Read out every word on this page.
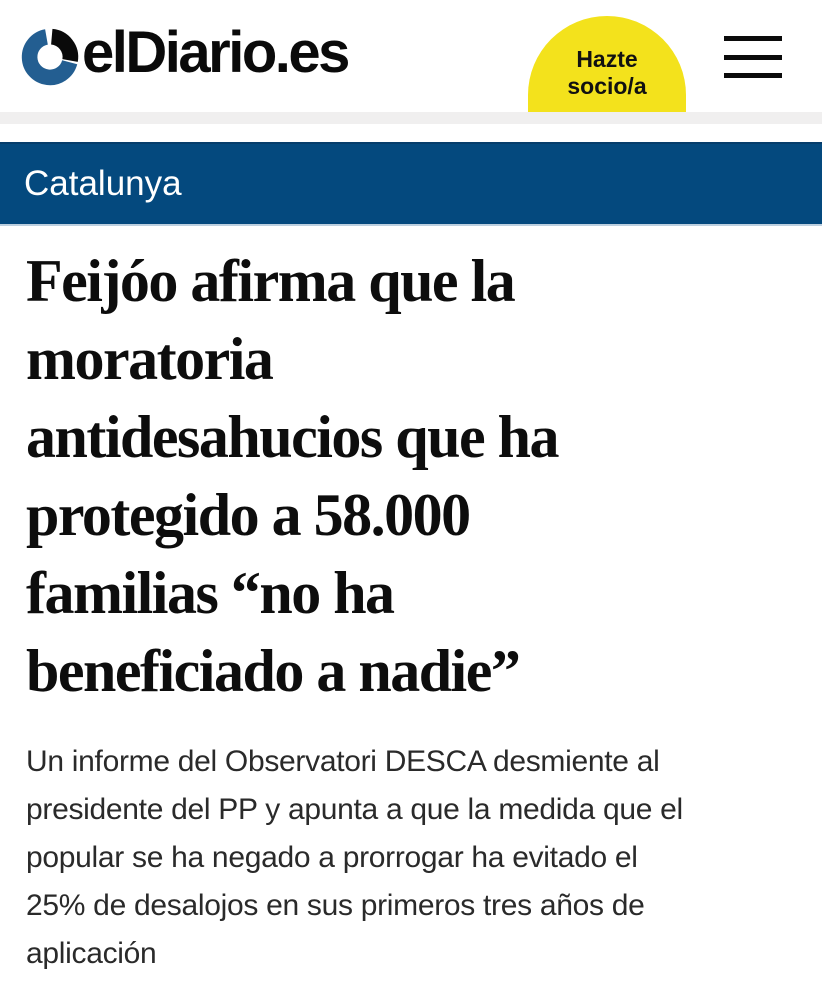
elDiario.es	Hazte
socio/a
Catalunya
Feijóo afirma que la
moratoria
antidesahucios que ha
protegido a 58.000
familias “no ha
beneficiado a nadie”

Un informe del Observatori DESCA desmiente al
presidente del PP y apunta a que la medida que el
popular se ha negado a prorrogar ha evitado el
25% de desalojos en sus primeros tres años de
aplicación
